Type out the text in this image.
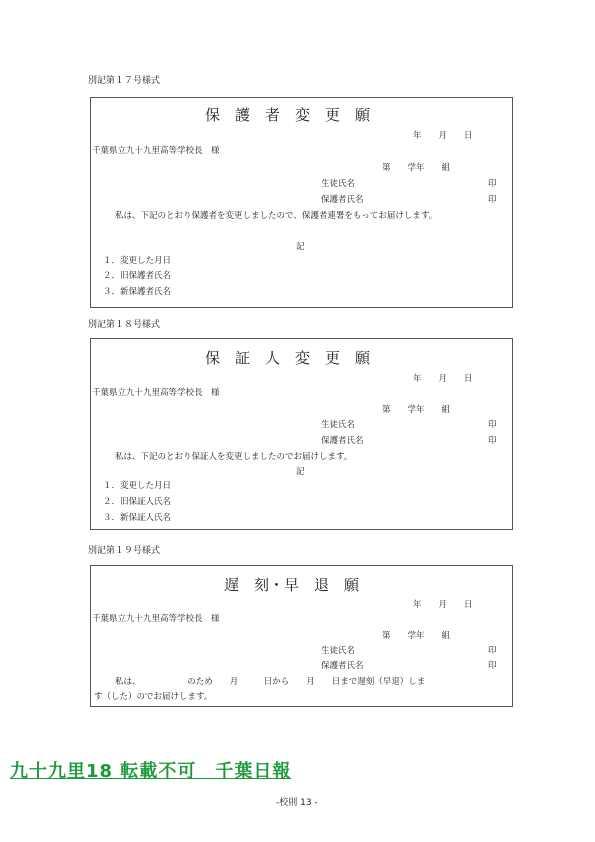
別記第１７号様式
保　護　者　変　更　願
年　　月　　日
千葉県立九十九里高等学校長　様
第　　学年　　組
生徒氏名	印
保護者氏名	印
私は、下記のとおり保護者を変更しましたので、保護者連署をもってお届けします。
記
１．変更した月日
２．旧保護者氏名
３．新保護者氏名
別記第１８号様式
保　証　人　変　更　願
年　　月　　日
千葉県立九十九里高等学校長　様
第　　学年　　組
生徒氏名	印
保護者氏名	印
私は、下記のとおり保証人を変更しましたのでお届けします。
記
１．変更した月日
２．旧保証人氏名
３．新保証人氏名
別記第１９号様式
遅　刻・早　退　願
年　　月　　日
千葉県立九十九里高等学校長　様
第　　学年　　組
生徒氏名	印
保護者氏名	印
私は、　　　　　　のため　　月　　　日から　　月　　日まで遅刻（早退）しま
す（した）のでお届けします。
九十九里18 転載不可　千葉日報
-校則 13 -
